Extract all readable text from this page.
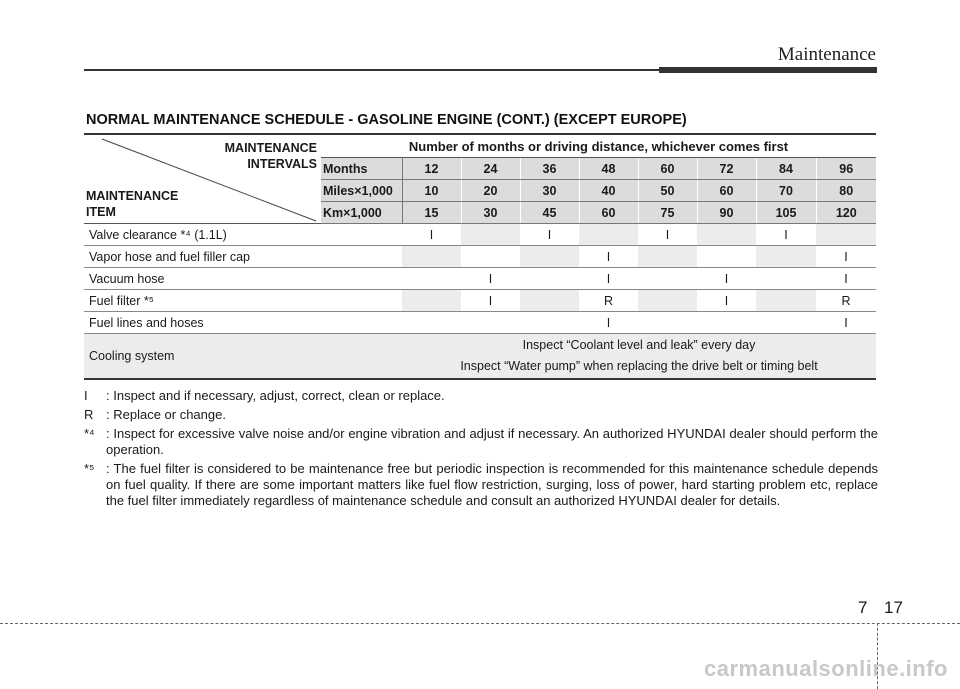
Maintenance
NORMAL MAINTENANCE SCHEDULE - GASOLINE ENGINE (CONT.) (EXCEPT EUROPE)
MAINTENANCE
INTERVALS
MAINTENANCE
ITEM	Number of months or driving distance, whichever comes first								
	Months	12	24	36	48	60	72	84	96
	Miles×1,000	10	20	30	40	50	60	70	80
	Km×1,000	15	30	45	60	75	90	105	120
Valve clearance *⁴ (1.1L)		I		I		I		I	
Vapor hose and fuel filler cap					I				I
Vacuum hose			I		I		I		I
Fuel filter *⁵			I		R		I		R
Fuel lines and hoses					I				I
Cooling system		Inspect “Coolant level and leak” every day
Inspect “Water pump” when replacing the drive belt or timing belt							
I : Inspect and if necessary, adjust, correct, clean or replace.
R : Replace or change.
*⁴ : Inspect for excessive valve noise and/or engine vibration and adjust if necessary. An authorized HYUNDAI dealer should perform the operation.
*⁵ : The fuel filter is considered to be maintenance free but periodic inspection is recommended for this maintenance schedule depends on fuel quality. If there are some important matters like fuel flow restriction, surging, loss of power, hard starting problem etc, replace the fuel filter immediately regardless of maintenance schedule and consult an authorized HYUNDAI dealer for details.
7 17
carmanualsonline.info
